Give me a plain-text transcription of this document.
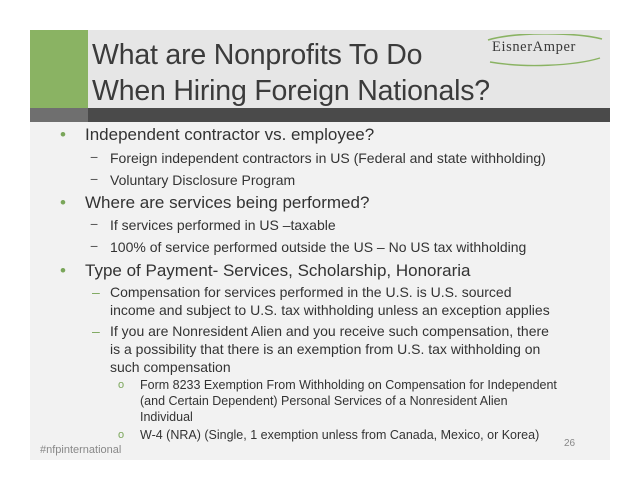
What are Nonprofits To Do
When Hiring Foreign Nationals?
EisnerAmper
• Independent contractor vs. employee?
− Foreign independent contractors in US (Federal and state withholding)
− Voluntary Disclosure Program
• Where are services being performed?
− If services performed in US –taxable
− 100% of service performed outside the US – No US tax withholding
• Type of Payment- Services, Scholarship, Honoraria
– Compensation for services performed in the U.S. is U.S. sourced
income and subject to U.S. tax withholding unless an exception applies
– If you are Nonresident Alien and you receive such compensation, there
is a possibility that there is an exemption from U.S. tax withholding on
such compensation
o Form 8233 Exemption From Withholding on Compensation for Independent
(and Certain Dependent) Personal Services of a Nonresident Alien
Individual
o W-4 (NRA) (Single, 1 exemption unless from Canada, Mexico, or Korea)
#nfpinternational
26
